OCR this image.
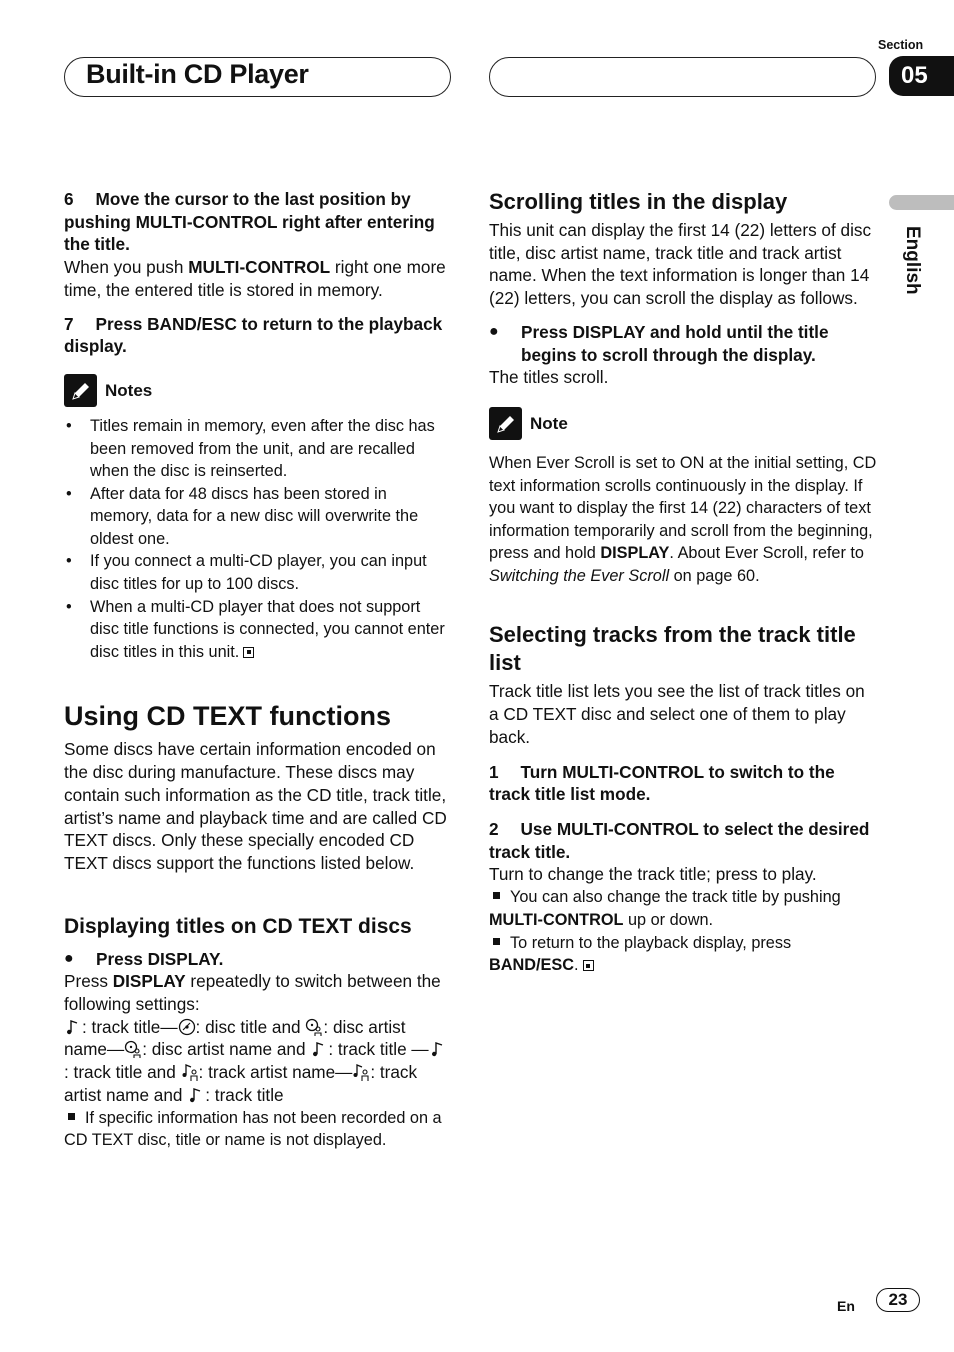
Built-in CD Player
Section
05
English

6  Move the cursor to the last position by pushing MULTI-CONTROL right after entering the title.

When you push MULTI-CONTROL right one more time, the entered title is stored in memory.

7  Press BAND/ESC to return to the playback display.

Notes
• Titles remain in memory, even after the disc has been removed from the unit, and are recalled when the disc is reinserted.
• After data for 48 discs has been stored in memory, data for a new disc will overwrite the oldest one.
• If you connect a multi-CD player, you can input disc titles for up to 100 discs.
• When a multi-CD player that does not support disc title functions is connected, you cannot enter disc titles in this unit.

Using CD TEXT functions

Some discs have certain information encoded on the disc during manufacture. These discs may contain such information as the CD title, track title, artist’s name and playback time and are called CD TEXT discs. Only these specially encoded CD TEXT discs support the functions listed below.

Displaying titles on CD TEXT discs

●	Press DISPLAY.

Press DISPLAY repeatedly to switch between the following settings:

: track title— : disc title and : disc artist name— : disc artist name and : track title —: track title and : track artist name— : track artist name and : track title

If specific information has not been recorded on a CD TEXT disc, title or name is not displayed.

Scrolling titles in the display

This unit can display the first 14 (22) letters of disc title, disc artist name, track title and track artist name. When the text information is longer than 14 (22) letters, you can scroll the display as follows.

●	Press DISPLAY and hold until the title begins to scroll through the display.

The titles scroll.

Note

When Ever Scroll is set to ON at the initial setting, CD text information scrolls continuously in the display. If you want to display the first 14 (22) characters of text information temporarily and scroll from the beginning, press and hold DISPLAY. About Ever Scroll, refer to Switching the Ever Scroll on page 60.

Selecting tracks from the track title list

Track title list lets you see the list of track titles on a CD TEXT disc and select one of them to play back.

1  Turn MULTI-CONTROL to switch to the track title list mode.

2  Use MULTI-CONTROL to select the desired track title.

Turn to change the track title; press to play.

You can also change the track title by pushing MULTI-CONTROL up or down.

To return to the playback display, press BAND/ESC.

En	23
